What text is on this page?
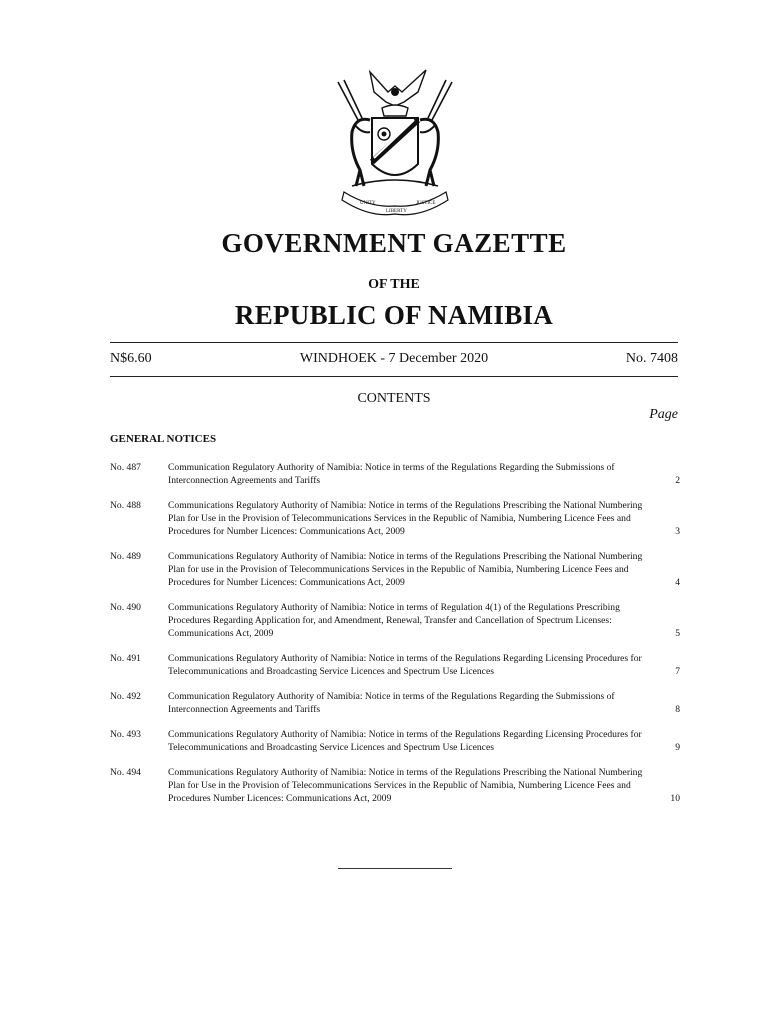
UNITY
LIBERTY
JUSTICE
GOVERNMENT GAZETTE
OF THE
REPUBLIC OF NAMIBIA
N$6.60	WINDHOEK - 7 December 2020	No. 7408
CONTENTS
Page
GENERAL NOTICES
No. 487	Communication Regulatory Authority of Namibia: Notice in terms of the Regulations Regarding the Submissions of Interconnection Agreements and Tariffs	2
No. 488	Communications Regulatory Authority of Namibia: Notice in terms of the Regulations Prescribing the National Numbering Plan for Use in the Provision of Telecommunications Services in the Republic of Namibia, Numbering Licence Fees and Procedures for Number Licences: Communications Act, 2009	3
No. 489	Communications Regulatory Authority of Namibia: Notice in terms of the Regulations Prescribing the National Numbering Plan for use in the Provision of Telecommunications Services in the Republic of Namibia, Numbering Licence Fees and Procedures for Number Licences: Communications Act, 2009	4
No. 490	Communications Regulatory Authority of Namibia: Notice in terms of Regulation 4(1) of the Regulations Prescribing Procedures Regarding Application for, and Amendment, Renewal, Transfer and Cancellation of Spectrum Licenses: Communications Act, 2009	5
No. 491	Communications Regulatory Authority of Namibia: Notice in terms of the Regulations Regarding Licensing Procedures for Telecommunications and Broadcasting Service Licences and Spectrum Use Licences	7
No. 492	Communication Regulatory Authority of Namibia: Notice in terms of the Regulations Regarding the Submissions of Interconnection Agreements and Tariffs	8
No. 493	Communications Regulatory Authority of Namibia: Notice in terms of the Regulations Regarding Licensing Procedures for Telecommunications and Broadcasting Service Licences and Spectrum Use Licences	9
No. 494	Communications Regulatory Authority of Namibia: Notice in terms of the Regulations Prescribing the National Numbering Plan for Use in the Provision of Telecommunications Services in the Republic of Namibia, Numbering Licence Fees and Procedures Number Licences: Communications Act, 2009	10
